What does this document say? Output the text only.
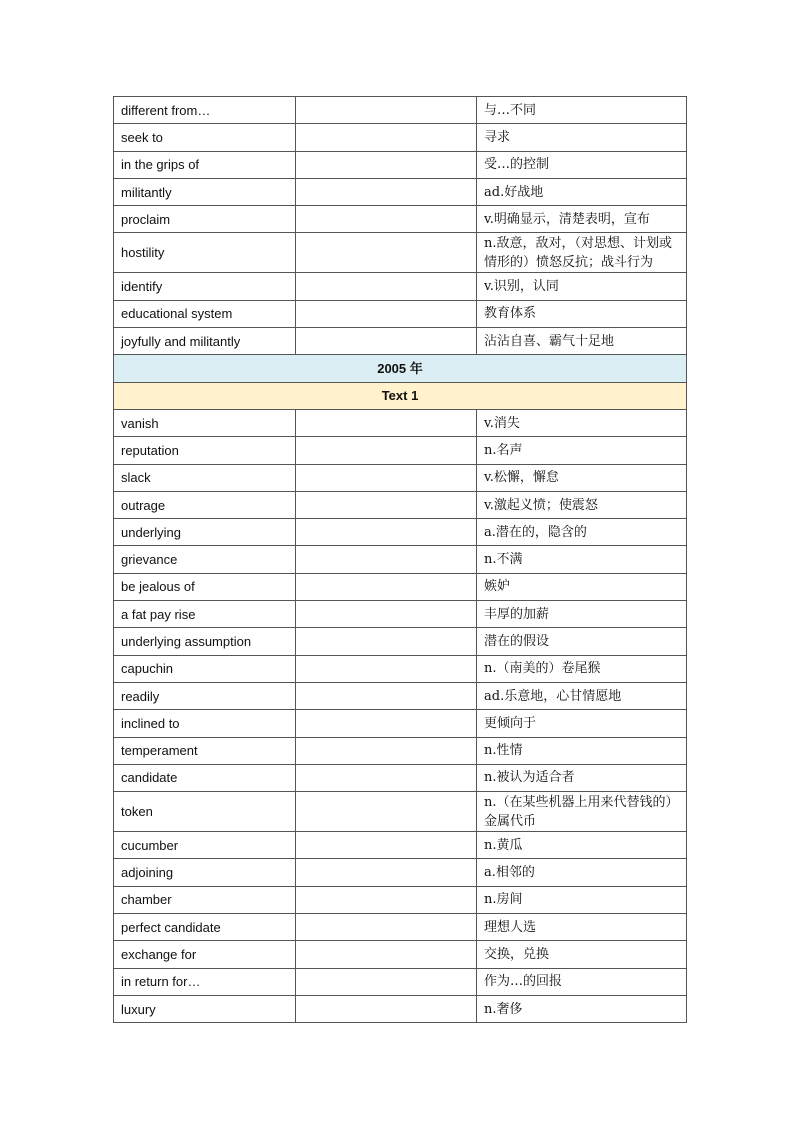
different from…		与…不同
seek to		寻求
in the grips of		受…的控制
militantly		ad.好战地
proclaim		v.明确显示，清楚表明，宣布
hostility		n.敌意，敌对，（对思想、计划或情形的）愤怒反抗；战斗行为
identify		v.识别，认同
educational system		教育体系
joyfully and militantly		沾沾自喜、霸气十足地
2005 年		
Text 1		
vanish		v.消失
reputation		n.名声
slack		v.松懈，懈怠
outrage		v.激起义愤；使震怒
underlying		a.潜在的，隐含的
grievance		n.不满
be jealous of		嫉妒
a fat pay rise		丰厚的加薪
underlying assumption		潜在的假设
capuchin		n.（南美的）卷尾猴
readily		ad.乐意地，心甘情愿地
inclined to		更倾向于
temperament		n.性情
candidate		n.被认为适合者
token		n.（在某些机器上用来代替钱的）金属代币
cucumber		n.黄瓜
adjoining		a.相邻的
chamber		n.房间
perfect candidate		理想人选
exchange for		交换，兑换
in return for…		作为…的回报
luxury		n.奢侈
